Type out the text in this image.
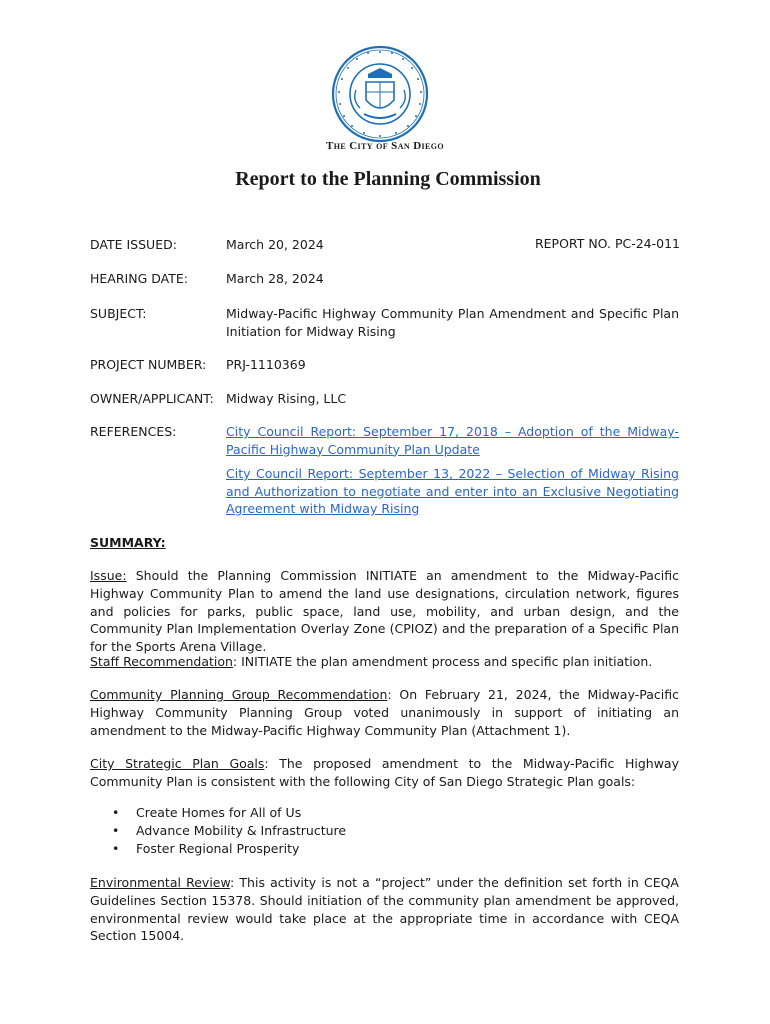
The City of San Diego
Report to the Planning Commission
DATE ISSUED:	March 20, 2024	REPORT NO. PC-24-011
HEARING DATE:	March 28, 2024
SUBJECT:	Midway-Pacific Highway Community Plan Amendment and Specific Plan Initiation for Midway Rising
PROJECT NUMBER: PRJ-1110369
OWNER/APPLICANT: Midway Rising, LLC
REFERENCES:	City Council Report: September 17, 2018 – Adoption of the Midway-Pacific Highway Community Plan Update
City Council Report: September 13, 2022 – Selection of Midway Rising and Authorization to negotiate and enter into an Exclusive Negotiating Agreement with Midway Rising
SUMMARY:
Issue: Should the Planning Commission INITIATE an amendment to the Midway-Pacific Highway Community Plan to amend the land use designations, circulation network, figures and policies for parks, public space, land use, mobility, and urban design, and the Community Plan Implementation Overlay Zone (CPIOZ) and the preparation of a Specific Plan for the Sports Arena Village.
Staff Recommendation: INITIATE the plan amendment process and specific plan initiation.
Community Planning Group Recommendation: On February 21, 2024, the Midway-Pacific Highway Community Planning Group voted unanimously in support of initiating an amendment to the Midway-Pacific Highway Community Plan (Attachment 1).
City Strategic Plan Goals: The proposed amendment to the Midway-Pacific Highway Community Plan is consistent with the following City of San Diego Strategic Plan goals:
• Create Homes for All of Us
• Advance Mobility & Infrastructure
• Foster Regional Prosperity
Environmental Review: This activity is not a “project” under the definition set forth in CEQA Guidelines Section 15378. Should initiation of the community plan amendment be approved, environmental review would take place at the appropriate time in accordance with CEQA Section 15004.
